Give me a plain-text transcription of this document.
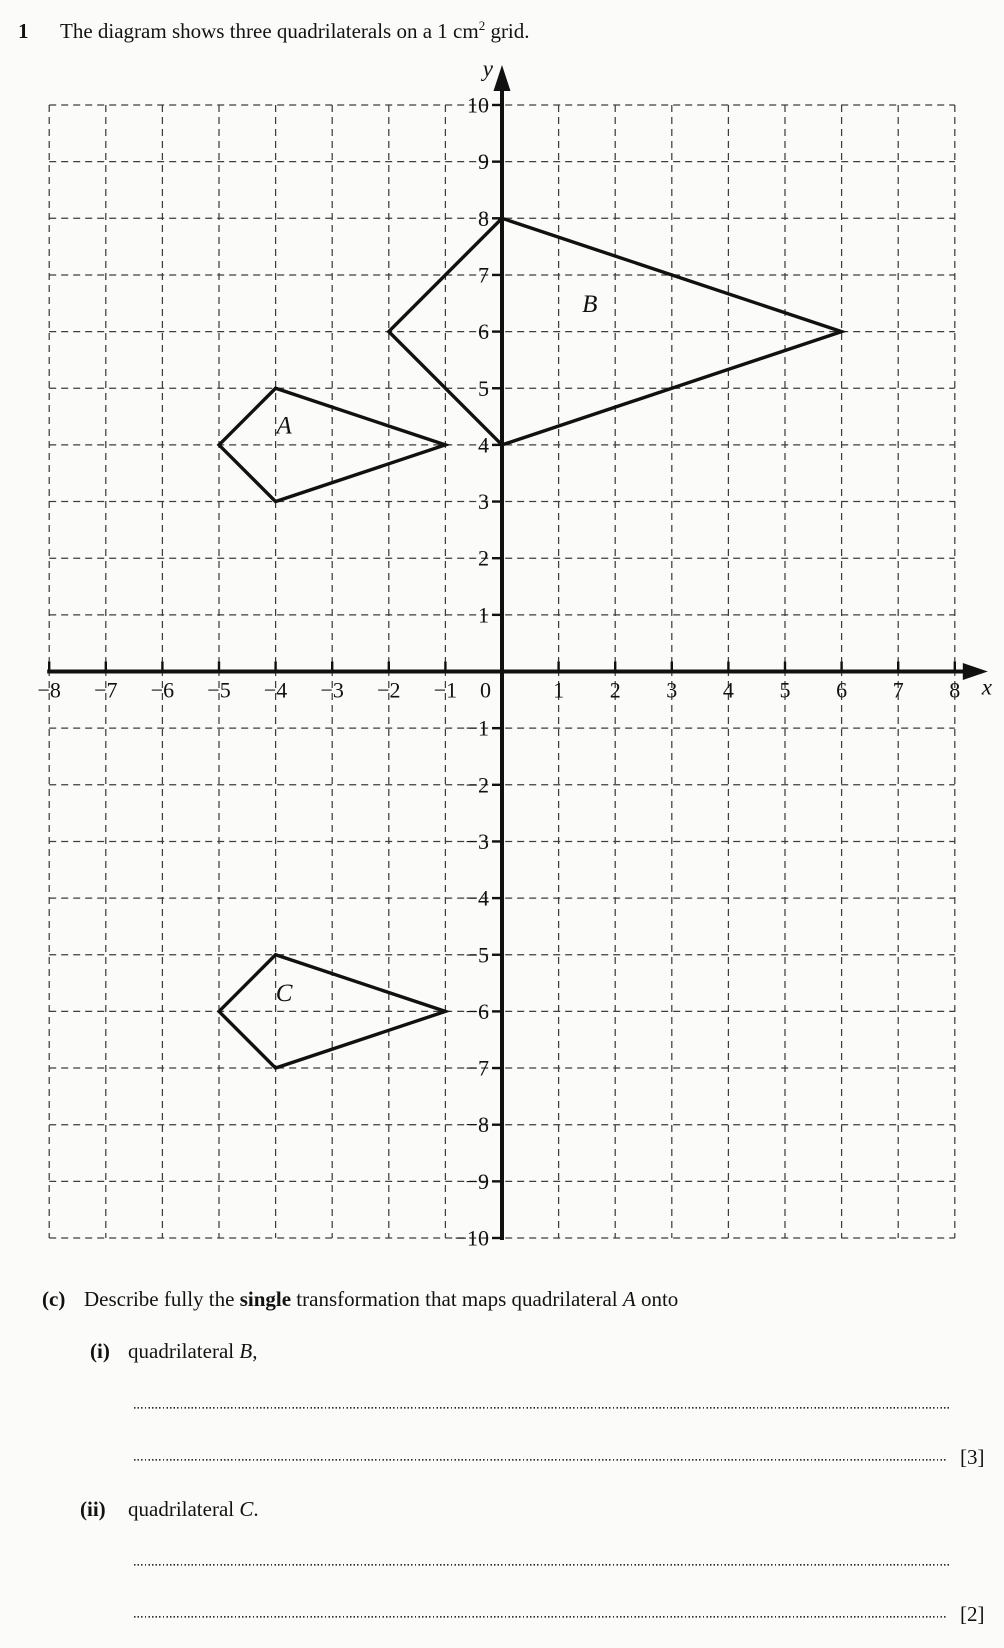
1 The diagram shows three quadrilaterals on a 1 $cm^2$ grid.
−8 −7 −6 −5 −4 −3 −2 −1	1 2 3 4 5 6 7 8
10
9
8
7
6
5
4
3
2
1
−1
−2
−3
−4
−5
−6
−7
−8
−9
−10
0
y
x
A
B
C
(c) Describe fully the single transformation that maps quadrilateral A onto
(i) quadrilateral B,
[3]
(ii) quadrilateral C.
[2]
